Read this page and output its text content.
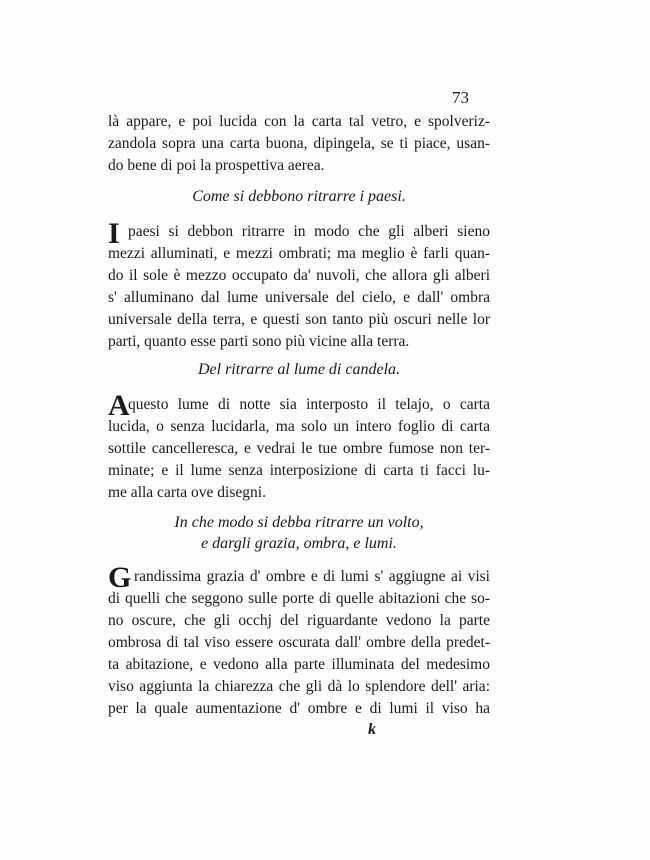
73
là appare, e poi lucida con la carta tal vetro, e spolveriz-
zandola sopra una carta buona, dipingela, se ti piace, usan-
do bene di poi la prospettiva aerea.
Come si debbono ritrarre i paesi.
I paesi si debbon ritrarre in modo che gli alberi sieno
mezzi alluminati, e mezzi ombrati; ma meglio è farli quan-
do il sole è mezzo occupato da' nuvoli, che allora gli alberi
s' alluminano dal lume universale del cielo, e dall' ombra
universale della terra, e questi son tanto più oscuri nelle lor
parti, quanto esse parti sono più vicine alla terra.
Del ritrarre al lume di candela.
A
questo lume di notte sia interposto il telajo, o carta
lucida, o senza lucidarla, ma solo un intero foglio di carta
sottile cancelleresca, e vedrai le tue ombre fumose non ter-
minate; e il lume senza interposizione di carta ti facci lu-
me alla carta ove disegni.
In che modo si debba ritrarre un volto,
e dargli grazia, ombra, e lumi.
G randissima grazia d' ombre e di lumi s' aggiugne ai visi
di quelli che seggono sulle porte di quelle abitazioni che so-
no oscure, che gli occhj del riguardante vedono la parte
ombrosa di tal viso essere oscurata dall' ombre della predet-
ta abitazione, e vedono alla parte illuminata del medesimo
viso aggiunta la chiarezza che gli dà lo splendore dell' aria:
per la quale aumentazione d' ombre e di lumi il viso ha
k
